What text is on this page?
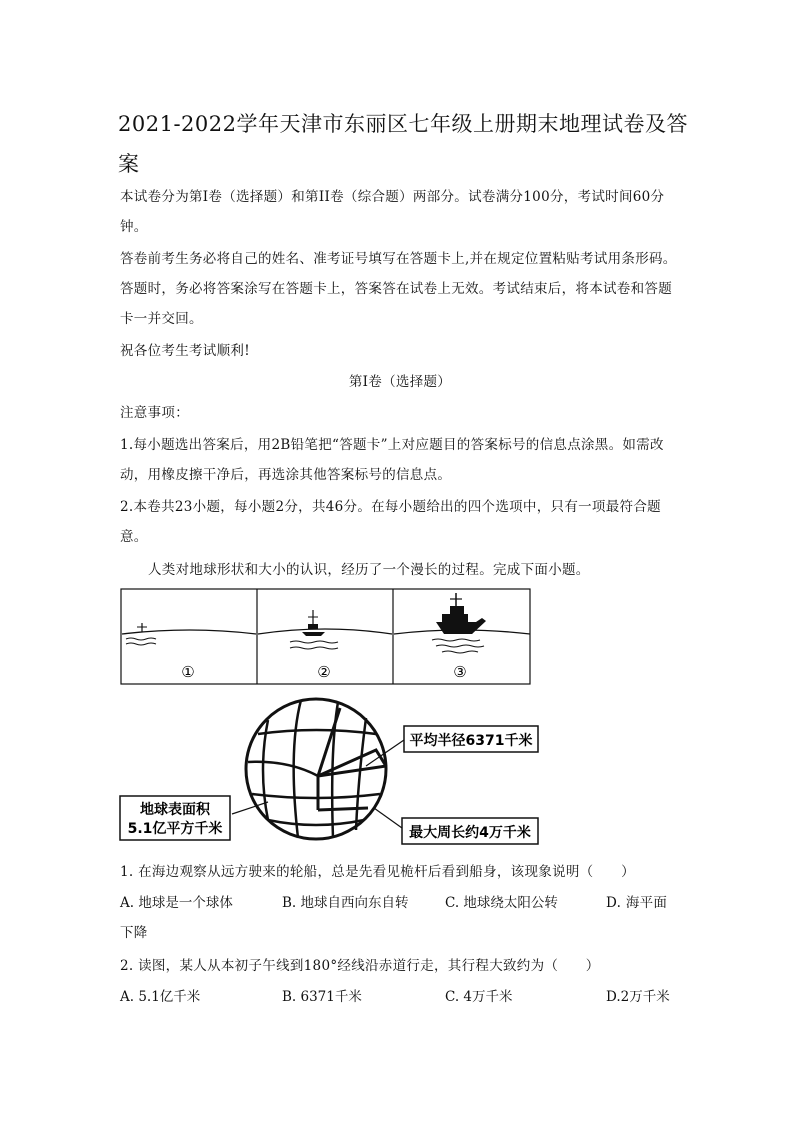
2021-2022学年天津市东丽区七年级上册期末地理试卷及答案
本试卷分为第I卷（选择题）和第II卷（综合题）两部分。试卷满分100分，考试时间60分钟。
答卷前考生务必将自己的姓名、准考证号填写在答题卡上,并在规定位置粘贴考试用条形码。答题时，务必将答案涂写在答题卡上，答案答在试卷上无效。考试结束后，将本试卷和答题卡一并交回。
祝各位考生考试顺利!
第I卷（选择题）
注意事项：
1.每小题选出答案后，用2B铅笔把“答题卡”上对应题目的答案标号的信息点涂黑。如需改动，用橡皮擦干净后，再选涂其他答案标号的信息点。
2.本卷共23小题，每小题2分，共46分。在每小题给出的四个选项中，只有一项最符合题意。
人类对地球形状和大小的认识，经历了一个漫长的过程。完成下面小题。
①	②	③
平均半径6371千米
地球表面积
5.1亿平方千米	最大周长约4万千米
1. 在海边观察从远方驶来的轮船，总是先看见桅杆后看到船身，该现象说明（　　）
A. 地球是一个球体	B. 地球自西向东自转	C. 地球绕太阳公转	D. 海平面下降
2. 读图，某人从本初子午线到180°经线沿赤道行走，其行程大致约为（　　）
A. 5.1亿千米	B. 6371千米	C. 4万千米	D.2万千米
